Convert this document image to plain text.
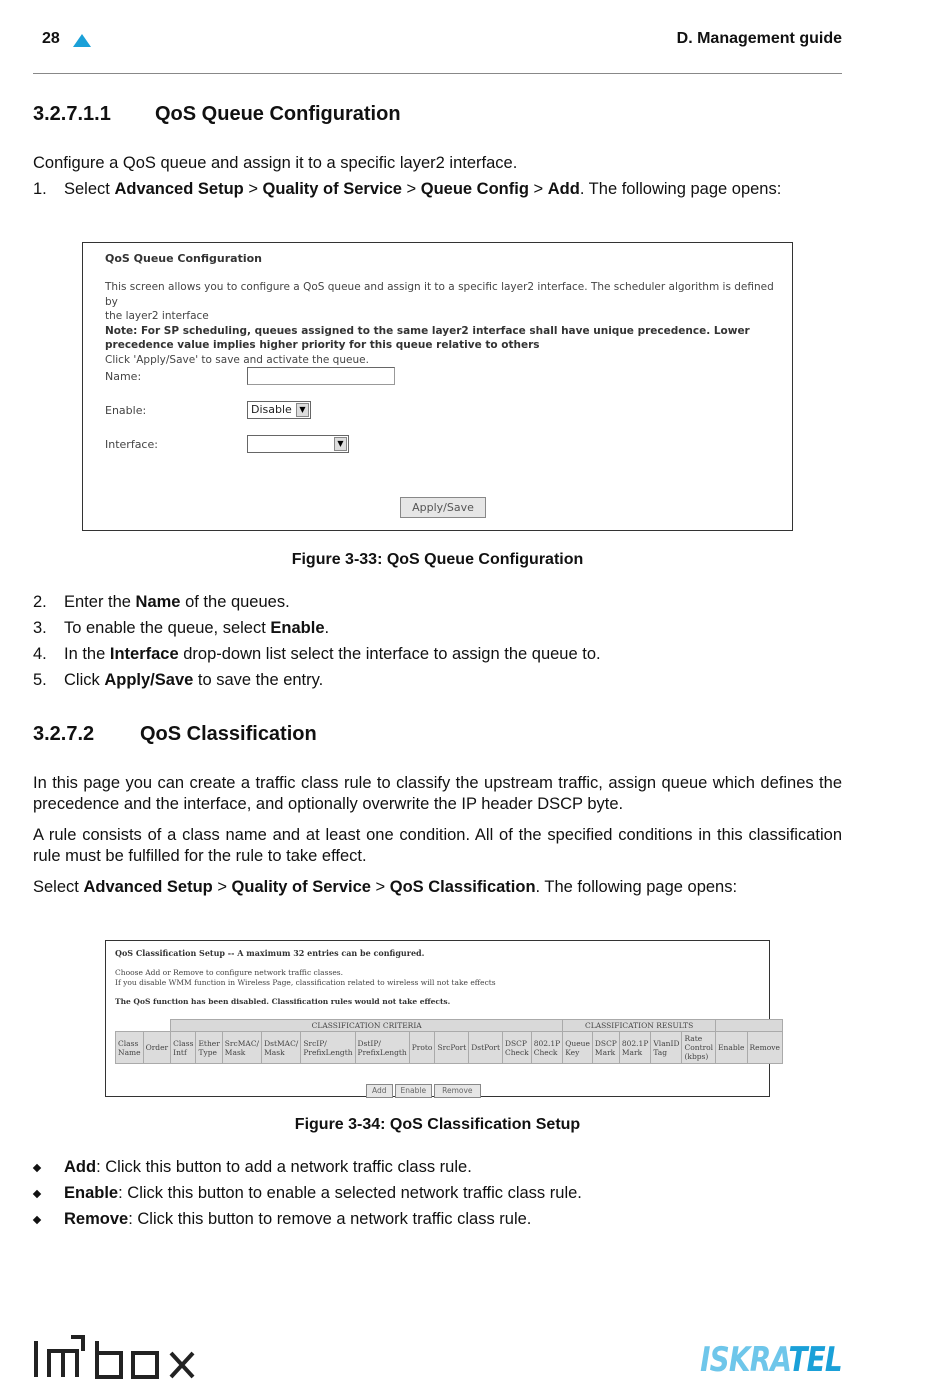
28	D. Management guide
3.2.7.1.1 QoS Queue Configuration
Configure a QoS queue and assign it to a specific layer2 interface.
1. Select Advanced Setup > Quality of Service > Queue Config > Add. The following page opens:
QoS Queue Configuration
This screen allows you to configure a QoS queue and assign it to a specific layer2 interface. The scheduler algorithm is defined by
the layer2 interface
Note: For SP scheduling, queues assigned to the same layer2 interface shall have unique precedence. Lower
precedence value implies higher priority for this queue relative to others
Click 'Apply/Save' to save and activate the queue.
Name:
Enable:	Disable ▼
Interface:	▼
Apply/Save
Figure 3-33: QoS Queue Configuration
2. Enter the Name of the queues.
3. To enable the queue, select Enable.
4. In the Interface drop-down list select the interface to assign the queue to.
5. Click Apply/Save to save the entry.
3.2.7.2 QoS Classification
In this page you can create a traffic class rule to classify the upstream traffic, assign queue which defines the precedence and the interface, and optionally overwrite the IP header DSCP byte.
A rule consists of a class name and at least one condition. All of the specified conditions in this classification rule must be fulfilled for the rule to take effect.
Select Advanced Setup > Quality of Service > QoS Classification. The following page opens:
QoS Classification Setup -- A maximum 32 entries can be configured.
Choose Add or Remove to configure network traffic classes.
If you disable WMM function in Wireless Page, classification related to wireless will not take effects
The QoS function has been disabled. Classification rules would not take effects.
		CLASSIFICATION CRITERIA											CLASSIFICATION RESULTS						
Class Name	Order	Class Intf	Ether Type	SrcMAC/ Mask	DstMAC/ Mask	SrcIP/ PrefixLength	DstIP/ PrefixLength	Proto	SrcPort	DstPort	DSCP Check	802.1P Check	Queue Key	DSCP Mark	802.1P Mark	VlanID Tag	Rate Control (kbps)	Enable	Remove
Add Enable Remove
Figure 3-34: QoS Classification Setup
Add: Click this button to add a network traffic class rule.
Enable: Click this button to enable a selected network traffic class rule.
Remove: Click this button to remove a network traffic class rule.
ISKRATEL
